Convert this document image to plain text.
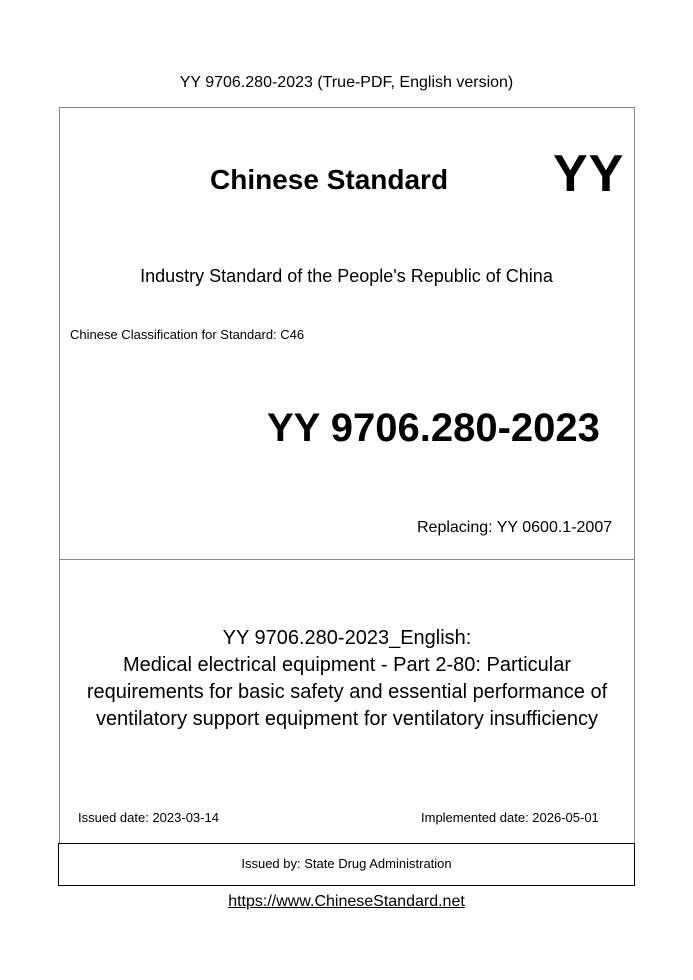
YY 9706.280-2023 (True-PDF, English version)
Chinese Standard YY
Industry Standard of the People's Republic of China
Chinese Classification for Standard: C46
YY 9706.280-2023
Replacing: YY 0600.1-2007
YY 9706.280-2023_English:
Medical electrical equipment - Part 2-80: Particular
requirements for basic safety and essential performance of
ventilatory support equipment for ventilatory insufficiency
Issued date: 2023-03-14	Implemented date: 2026-05-01
Issued by: State Drug Administration
https://www.ChineseStandard.net
